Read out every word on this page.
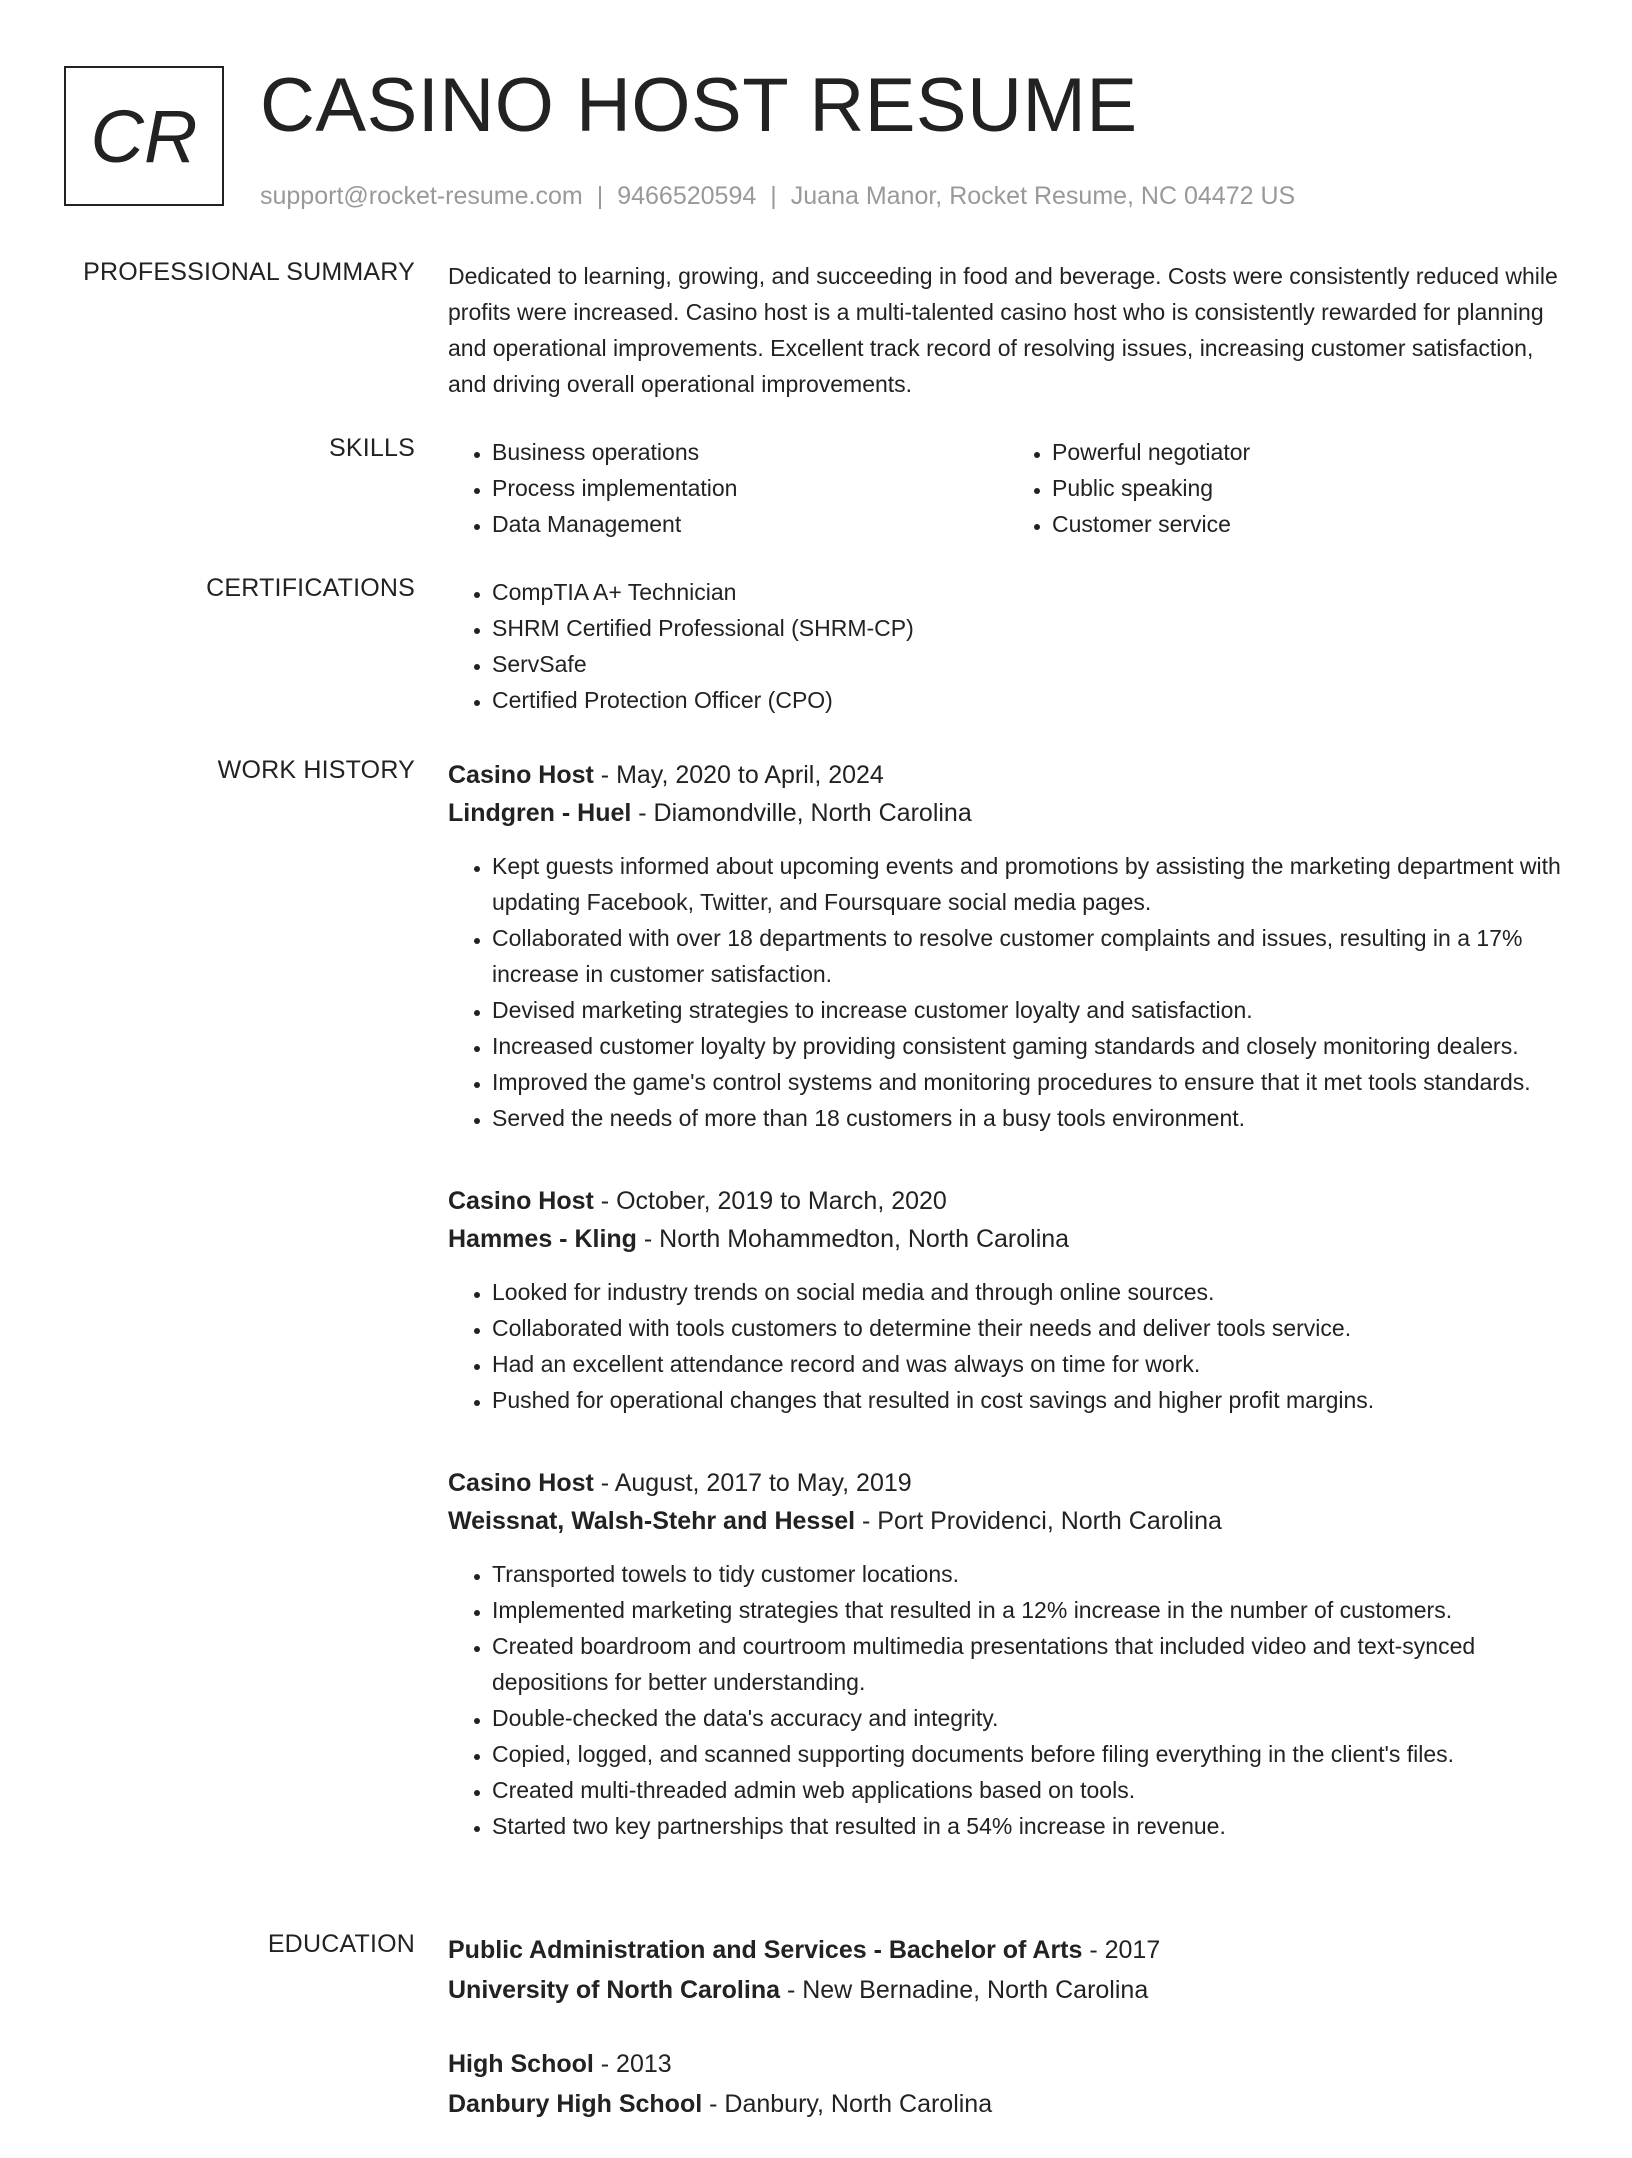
CR CASINO HOST RESUME
support@rocket-resume.com | 9466520594 | Juana Manor, Rocket Resume, NC 04472 US
PROFESSIONAL SUMMARY Dedicated to learning, growing, and succeeding in food and beverage. Costs were consistently reduced while profits were increased. Casino host is a multi-talented casino host who is consistently rewarded for planning and operational improvements. Excellent track record of resolving issues, increasing customer satisfaction, and driving overall operational improvements.
SKILLS	• Business operations
• Process implementation
• Data Management
• Powerful negotiator
• Public speaking
• Customer service
CERTIFICATIONS	• CompTIA A+ Technician
• SHRM Certified Professional (SHRM-CP)
• ServSafe
• Certified Protection Officer (CPO)
WORK HISTORY Casino Host - May, 2020 to April, 2024
Lindgren - Huel - Diamondville, North Carolina
• Kept guests informed about upcoming events and promotions by assisting the marketing department with updating Facebook, Twitter, and Foursquare social media pages.
• Collaborated with over 18 departments to resolve customer complaints and issues, resulting in a 17% increase in customer satisfaction.
• Devised marketing strategies to increase customer loyalty and satisfaction.
• Increased customer loyalty by providing consistent gaming standards and closely monitoring dealers.
• Improved the game's control systems and monitoring procedures to ensure that it met tools standards.
• Served the needs of more than 18 customers in a busy tools environment.
Casino Host - October, 2019 to March, 2020
Hammes - Kling - North Mohammedton, North Carolina
• Looked for industry trends on social media and through online sources.
• Collaborated with tools customers to determine their needs and deliver tools service.
• Had an excellent attendance record and was always on time for work.
• Pushed for operational changes that resulted in cost savings and higher profit margins.
Casino Host - August, 2017 to May, 2019
Weissnat, Walsh-Stehr and Hessel - Port Providenci, North Carolina
• Transported towels to tidy customer locations.
• Implemented marketing strategies that resulted in a 12% increase in the number of customers.
• Created boardroom and courtroom multimedia presentations that included video and text-synced depositions for better understanding.
• Double-checked the data's accuracy and integrity.
• Copied, logged, and scanned supporting documents before filing everything in the client's files.
• Created multi-threaded admin web applications based on tools.
• Started two key partnerships that resulted in a 54% increase in revenue.
EDUCATION Public Administration and Services - Bachelor of Arts - 2017
University of North Carolina - New Bernadine, North Carolina
High School - 2013
Danbury High School - Danbury, North Carolina
